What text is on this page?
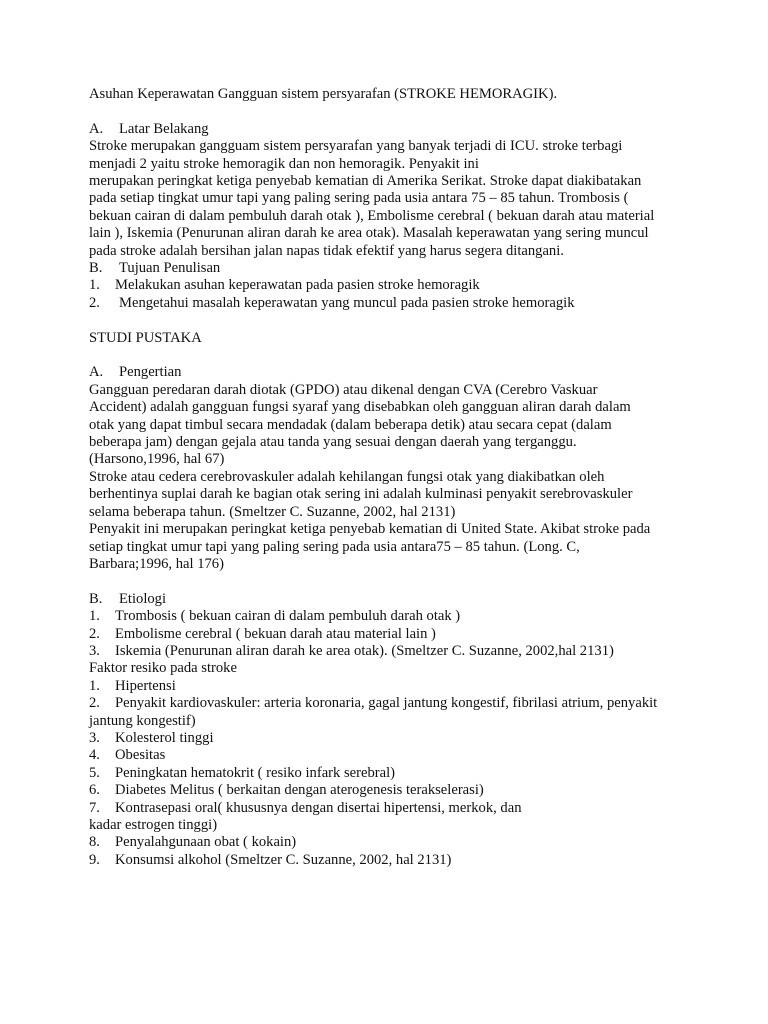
Asuhan Keperawatan Gangguan sistem persyarafan (STROKE HEMORAGIK).

A.	Latar Belakang

Stroke merupakan gangguam sistem persyarafan yang banyak terjadi di ICU. stroke terbagi

menjadi 2 yaitu stroke hemoragik dan non hemoragik. Penyakit ini

merupakan peringkat ketiga penyebab kematian di Amerika Serikat. Stroke dapat diakibatakan

pada setiap tingkat umur tapi yang paling sering pada usia antara 75 – 85 tahun. Trombosis (

bekuan cairan di dalam pembuluh darah otak ), Embolisme cerebral ( bekuan darah atau material

lain ), Iskemia (Penurunan aliran darah ke area otak). Masalah keperawatan yang sering muncul

pada stroke adalah bersihan jalan napas tidak efektif yang harus segera ditangani.

B.	Tujuan Penulisan

1.	Melakukan asuhan keperawatan pada pasien stroke hemoragik

2.	Mengetahui masalah keperawatan yang muncul pada pasien stroke hemoragik

STUDI PUSTAKA

A.	Pengertian

Gangguan peredaran darah diotak (GPDO) atau dikenal dengan CVA (Cerebro Vaskuar

Accident) adalah gangguan fungsi syaraf yang disebabkan oleh gangguan aliran darah dalam

otak yang dapat timbul secara mendadak (dalam beberapa detik) atau secara cepat (dalam

beberapa jam) dengan gejala atau tanda yang sesuai dengan daerah yang terganggu.

(Harsono,1996, hal 67)

Stroke atau cedera cerebrovaskuler adalah kehilangan fungsi otak yang diakibatkan oleh

berhentinya suplai darah ke bagian otak sering ini adalah kulminasi penyakit serebrovaskuler

selama beberapa tahun. (Smeltzer C. Suzanne, 2002, hal 2131)

Penyakit ini merupakan peringkat ketiga penyebab kematian di United State. Akibat stroke pada

setiap tingkat umur tapi yang paling sering pada usia antara75 – 85 tahun. (Long. C,

Barbara;1996, hal 176)

B.	Etiologi

1.	Trombosis ( bekuan cairan di dalam pembuluh darah otak )

2.	Embolisme cerebral ( bekuan darah atau material lain )

3.	Iskemia (Penurunan aliran darah ke area otak). (Smeltzer C. Suzanne, 2002,hal 2131)

Faktor resiko pada stroke

1.	Hipertensi

2.	Penyakit kardiovaskuler: arteria koronaria, gagal jantung kongestif, fibrilasi atrium, penyakit

jantung kongestif)

3.	Kolesterol tinggi

4.	Obesitas

5.	Peningkatan hematokrit ( resiko infark serebral)

6.	Diabetes Melitus ( berkaitan dengan aterogenesis terakselerasi)

7.	Kontrasepasi oral( khususnya dengan disertai hipertensi, merkok, dan

kadar estrogen tinggi)

8.	Penyalahgunaan obat ( kokain)

9.	Konsumsi alkohol (Smeltzer C. Suzanne, 2002, hal 2131)
